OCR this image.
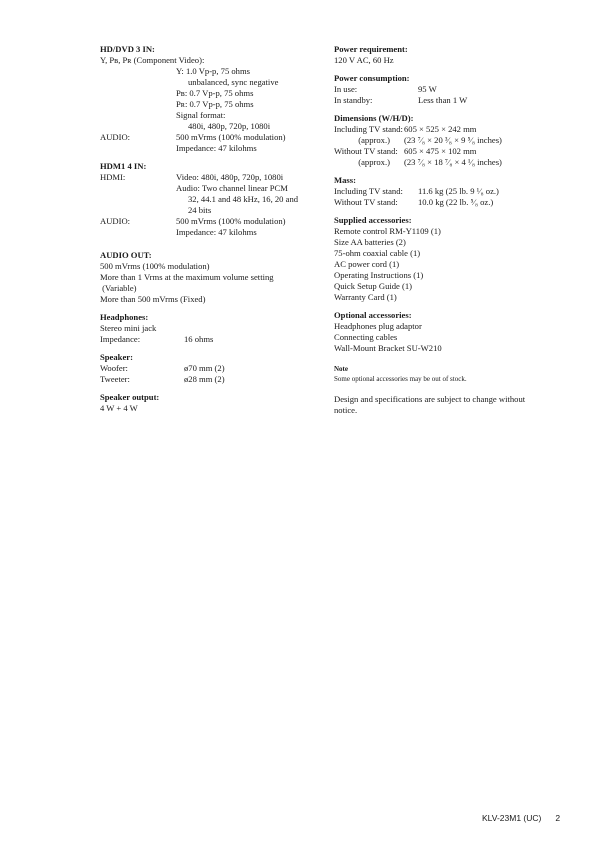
HD/DVD 3 IN:
Y, Pʙ, Pʀ (Component Video):
Y: 1.0 Vp-p, 75 ohms
unbalanced, sync negative
Pʙ: 0.7 Vp-p, 75 ohms
Pʀ: 0.7 Vp-p, 75 ohms
Signal format:
480i, 480p, 720p, 1080i
AUDIO:	500 mVrms (100% modulation)
Impedance: 47 kilohms
HDM1 4 IN:
HDMI:	Video: 480i, 480p, 720p, 1080i
Audio: Two channel linear PCM
32, 44.1 and 48 kHz, 16, 20 and
24 bits
AUDIO:	500 mVrms (100% modulation)
Impedance: 47 kilohms
AUDIO OUT:
500 mVrms (100% modulation)
More than 1 Vrms at the maximum volume setting
(Variable)
More than 500 mVrms (Fixed)
Headphones:
Stereo mini jack
Impedance:	16 ohms
Speaker:
Woofer:	ø70 mm (2)
Tweeter:	ø28 mm (2)
Speaker output:
4 W + 4 W
Power requirement:
120 V AC, 60 Hz
Power consumption:
In use:	95 W
In standby:	Less than 1 W
Dimensions (W/H/D):
Including TV stand: 605 × 525 × 242 mm
(approx.)	(23 ⁷⁄₈ × 20 ³⁄₈ × 9 ⁵⁄₈ inches)
Without TV stand: 605 × 475 × 102 mm
(approx.)	(23 ⁷⁄₈ × 18 ⁷⁄₈ × 4 ¹⁄₈ inches)
Mass:
Including TV stand:	11.6 kg (25 lb. 9 ¹⁄₈ oz.)
Without TV stand:	10.0 kg (22 lb. ⁵⁄₈ oz.)
Supplied accessories:
Remote control RM-Y1109 (1)
Size AA batteries (2)
75-ohm coaxial cable (1)
AC power cord (1)
Operating Instructions (1)
Quick Setup Guide (1)
Warranty Card (1)
Optional accessories:
Headphones plug adaptor
Connecting cables
Wall-Mount Bracket SU-W210
Note
Some optional accessories may be out of stock.
Design and specifications are subject to change without notice.
KLV-23M1 (UC) 2
